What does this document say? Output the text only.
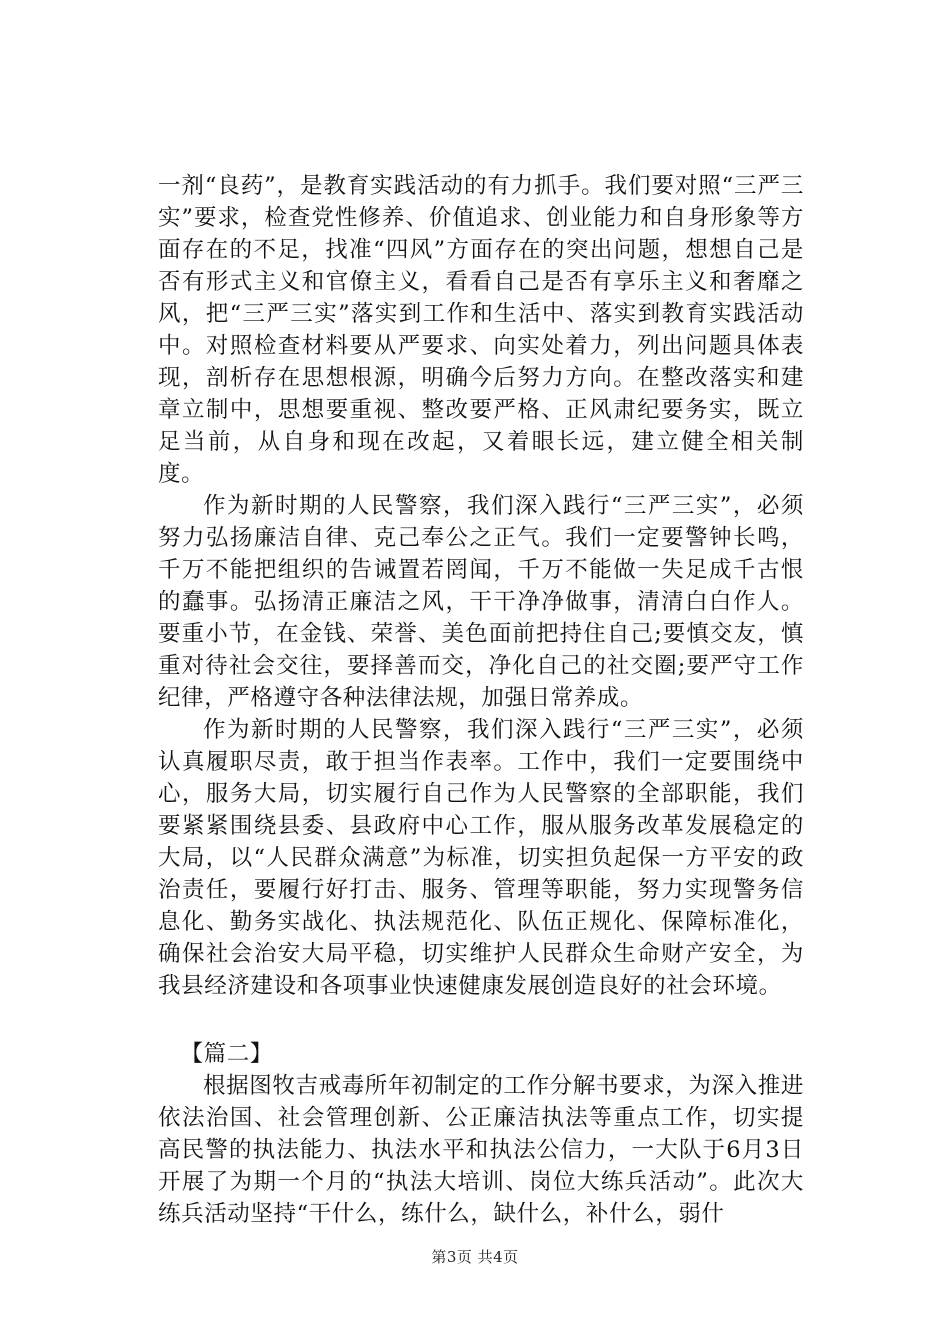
一剂“良药”，是教育实践活动的有力抓手。我们要对照“三严三实”要求，检查党性修养、价值追求、创业能力和自身形象等方面存在的不足，找准“四风”方面存在的突出问题，想想自己是否有形式主义和官僚主义，看看自己是否有享乐主义和奢靡之风，把“三严三实”落实到工作和生活中、落实到教育实践活动中。对照检查材料要从严要求、向实处着力，列出问题具体表现，剖析存在思想根源，明确今后努力方向。在整改落实和建章立制中，思想要重视、整改要严格、正风肃纪要务实，既立足当前，从自身和现在改起，又着眼长远，建立健全相关制度。

作为新时期的人民警察，我们深入践行“三严三实”，必须努力弘扬廉洁自律、克己奉公之正气。我们一定要警钟长鸣，千万不能把组织的告诫置若罔闻，千万不能做一失足成千古恨的蠢事。弘扬清正廉洁之风，干干净净做事，清清白白作人。要重小节，在金钱、荣誉、美色面前把持住自己;要慎交友，慎重对待社会交往，要择善而交，净化自己的社交圈;要严守工作纪律，严格遵守各种法律法规，加强日常养成。

作为新时期的人民警察，我们深入践行“三严三实”，必须认真履职尽责，敢于担当作表率。工作中，我们一定要围绕中心，服务大局，切实履行自己作为人民警察的全部职能，我们要紧紧围绕县委、县政府中心工作，服从服务改革发展稳定的大局，以“人民群众满意”为标准，切实担负起保一方平安的政治责任，要履行好打击、服务、管理等职能，努力实现警务信息化、勤务实战化、执法规范化、队伍正规化、保障标准化，确保社会治安大局平稳，切实维护人民群众生命财产安全，为我县经济建设和各项事业快速健康发展创造良好的社会环境。

【篇二】

根据图牧吉戒毒所年初制定的工作分解书要求，为深入推进依法治国、社会管理创新、公正廉洁执法等重点工作，切实提高民警的执法能力、执法水平和执法公信力，一大队于6月3日开展了为期一个月的“执法大培训、岗位大练兵活动”。此次大练兵活动坚持“干什么，练什么，缺什么，补什么，弱什

第3页 共4页
